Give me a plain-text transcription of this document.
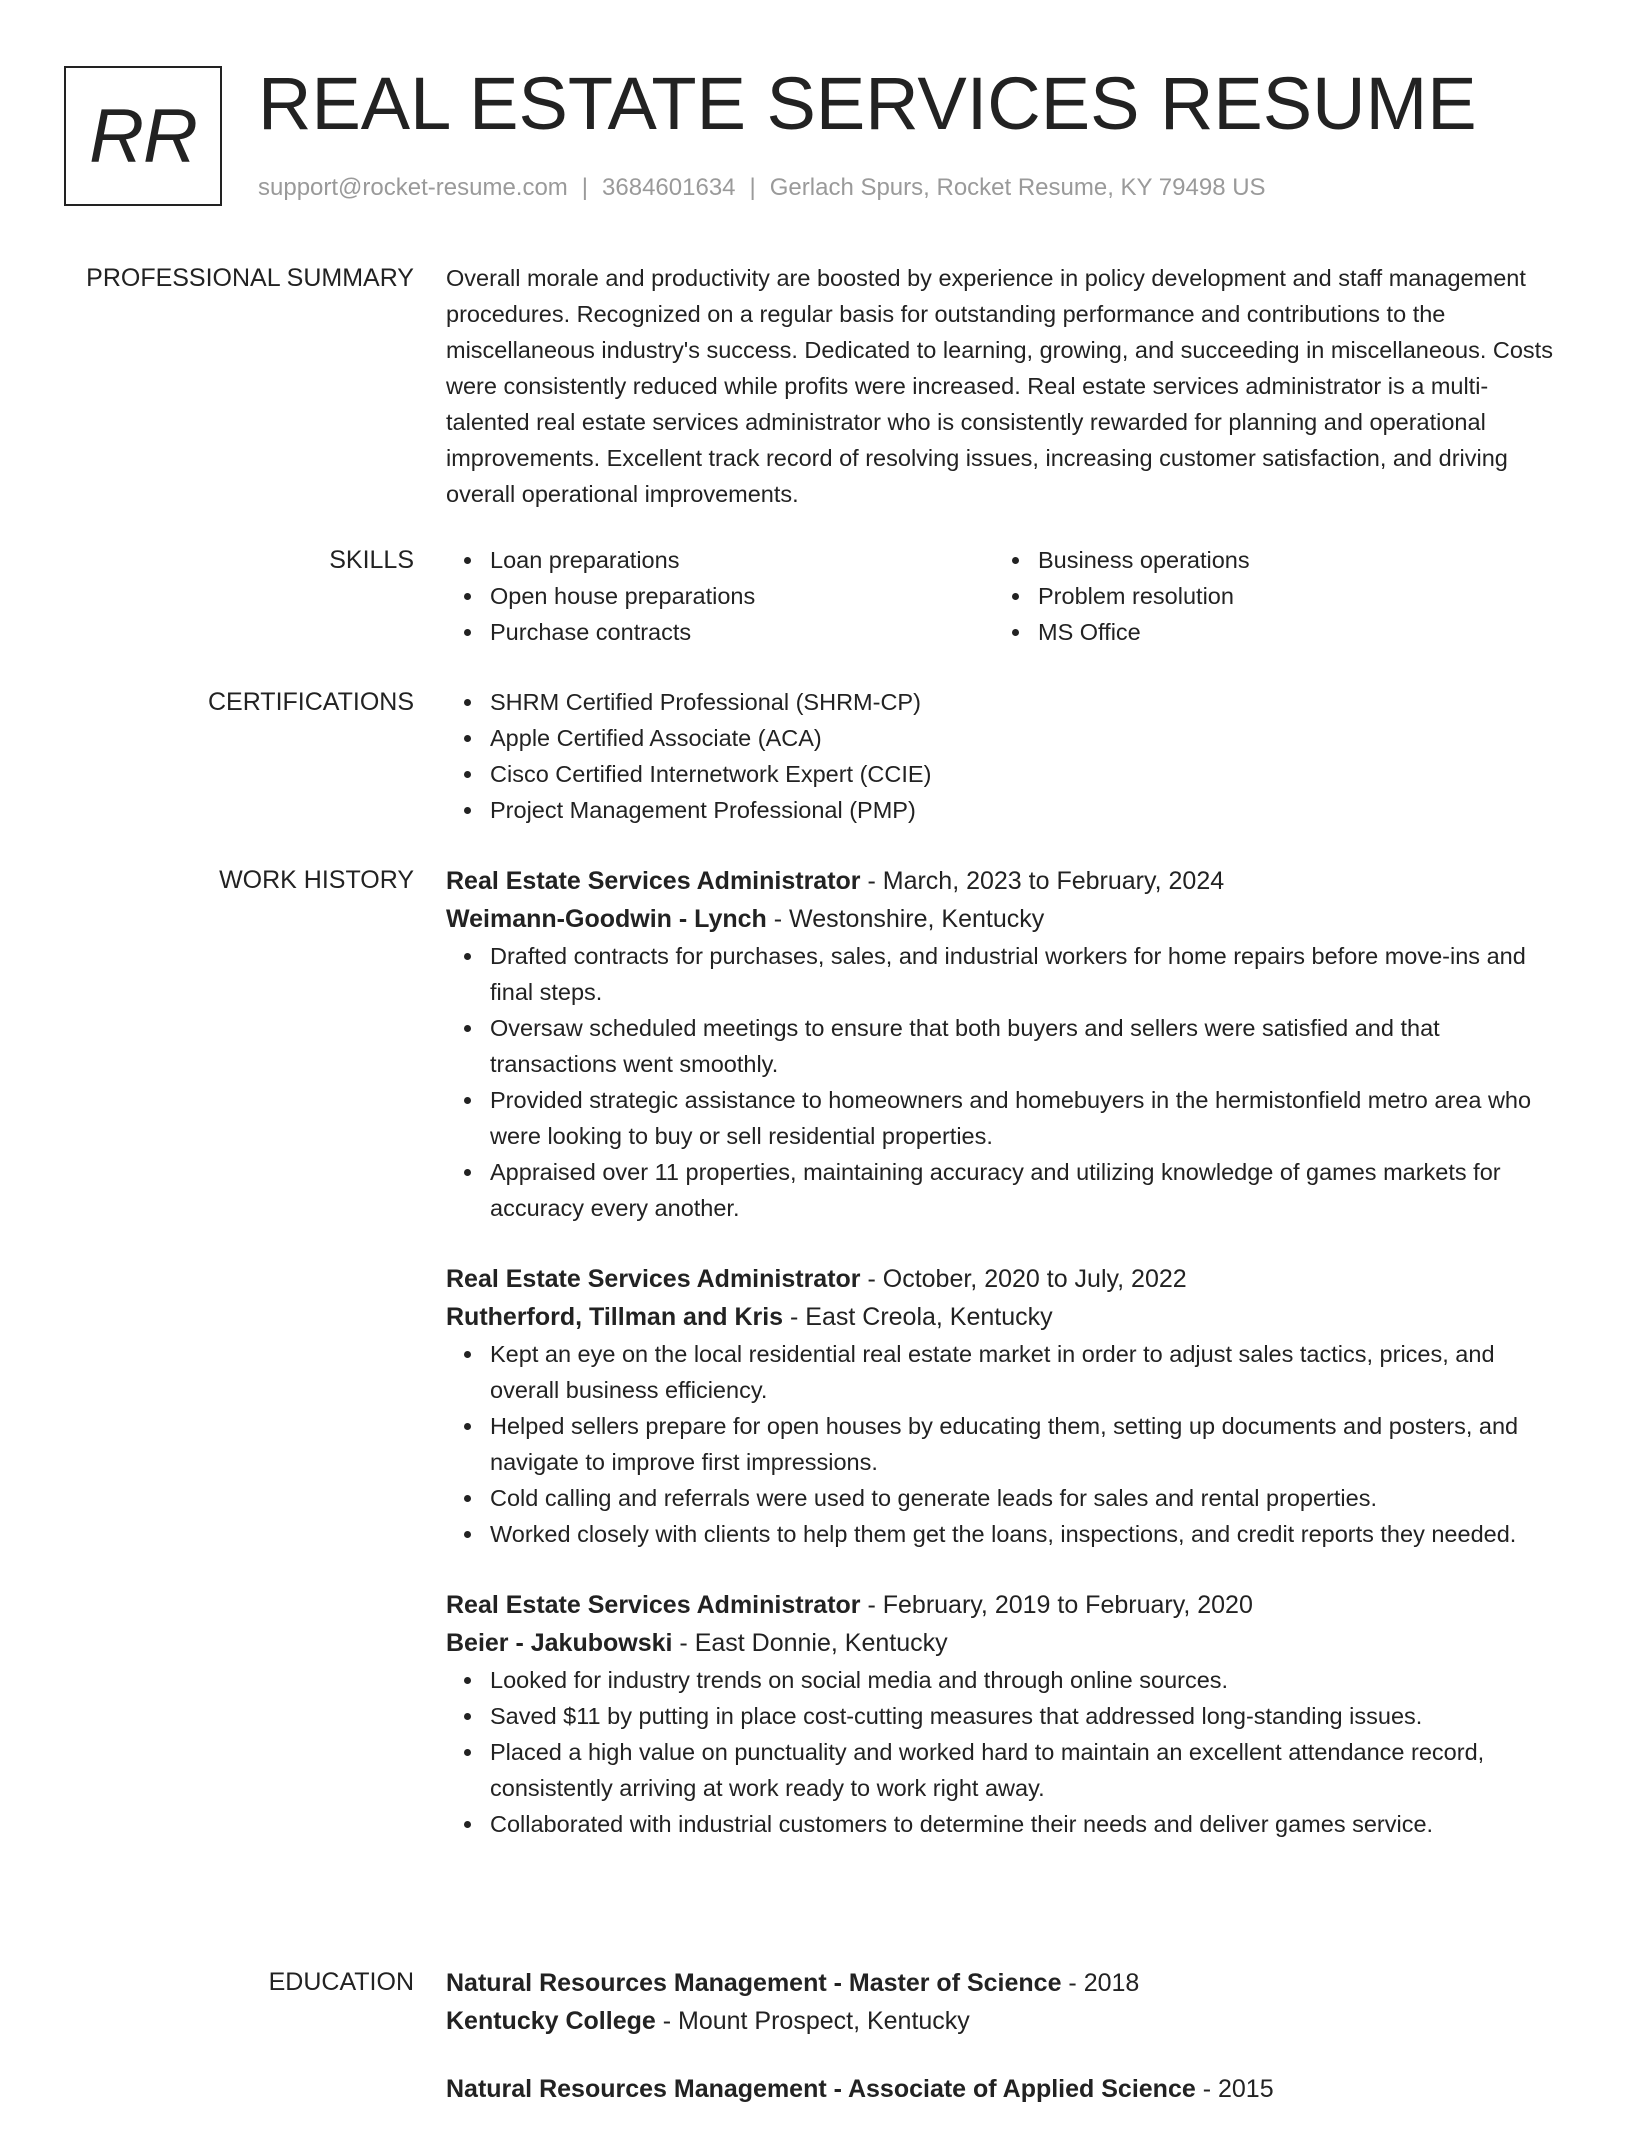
RR REAL ESTATE SERVICES RESUME
support@rocket-resume.com | 3684601634 | Gerlach Spurs, Rocket Resume, KY 79498 US
PROFESSIONAL SUMMARY Overall morale and productivity are boosted by experience in policy development and staff management procedures. Recognized on a regular basis for outstanding performance and contributions to the miscellaneous industry's success. Dedicated to learning, growing, and succeeding in miscellaneous. Costs were consistently reduced while profits were increased. Real estate services administrator is a multi-talented real estate services administrator who is consistently rewarded for planning and operational improvements. Excellent track record of resolving issues, increasing customer satisfaction, and driving overall operational improvements.

SKILLS	Loan preparations
Open house preparations
Purchase contracts
Business operations
Problem resolution
MS Office
CERTIFICATIONS	SHRM Certified Professional (SHRM-CP)
Apple Certified Associate (ACA)
Cisco Certified Internetwork Expert (CCIE)
Project Management Professional (PMP)
WORK HISTORY Real Estate Services Administrator - March, 2023 to February, 2024
Weimann-Goodwin - Lynch - Westonshire, Kentucky
Drafted contracts for purchases, sales, and industrial workers for home repairs before move-ins and final steps.
Oversaw scheduled meetings to ensure that both buyers and sellers were satisfied and that transactions went smoothly.
Provided strategic assistance to homeowners and homebuyers in the hermistonfield metro area who were looking to buy or sell residential properties.
Appraised over 11 properties, maintaining accuracy and utilizing knowledge of games markets for accuracy every another.
Real Estate Services Administrator - October, 2020 to July, 2022
Rutherford, Tillman and Kris - East Creola, Kentucky
Kept an eye on the local residential real estate market in order to adjust sales tactics, prices, and overall business efficiency.
Helped sellers prepare for open houses by educating them, setting up documents and posters, and navigate to improve first impressions.
Cold calling and referrals were used to generate leads for sales and rental properties.
Worked closely with clients to help them get the loans, inspections, and credit reports they needed.
Real Estate Services Administrator - February, 2019 to February, 2020
Beier - Jakubowski - East Donnie, Kentucky
Looked for industry trends on social media and through online sources.
Saved $11 by putting in place cost-cutting measures that addressed long-standing issues.
Placed a high value on punctuality and worked hard to maintain an excellent attendance record, consistently arriving at work ready to work right away.
Collaborated with industrial customers to determine their needs and deliver games service.
EDUCATION Natural Resources Management - Master of Science - 2018
Kentucky College - Mount Prospect, Kentucky
Natural Resources Management - Associate of Applied Science - 2015
